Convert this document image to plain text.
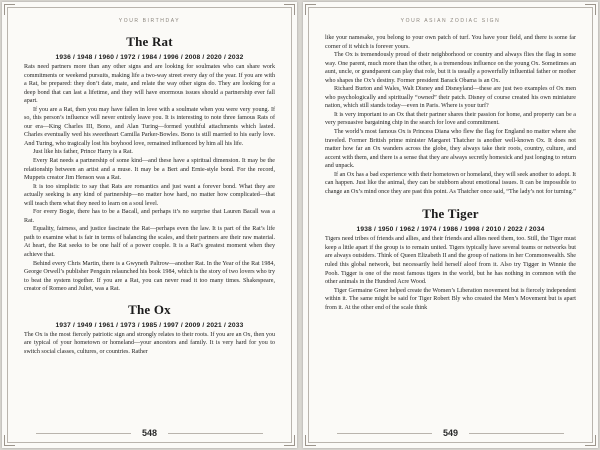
YOUR BIRTHDAY
The Rat
1936 / 1948 / 1960 / 1972 / 1984 / 1996 / 2008 / 2020 / 2032

Rats need partners more than any other signs and are looking for soulmates who can share work commitments or weekend pursuits, making life a two-way street every day of the year. If you are with a Rat, be prepared: they don’t date, mate, and relate the way other signs do. They are looking for a deep bond that can last a lifetime, and they will have enormous issues should a partnership ever fall apart.

If you are a Rat, then you may have fallen in love with a soulmate when you were very young. If so, this person’s influence will never entirely leave you. It is interesting to note three famous Rats of our era—King Charles III, Bono, and Alan Turing—formed youthful attachments which lasted. Charles eventually wed his sweetheart Camilla Parker-Bowles. Bono is still married to his early love. And Turing, who tragically lost his boyhood love, remained influenced by him all his life.

Just like his father, Prince Harry is a Rat.

Every Rat needs a partnership of some kind—and these have a spiritual dimension. It may be the relationship between an artist and a muse. It may be a Bert and Ernie-style bond. For the record, Muppets creator Jim Henson was a Rat.

It is too simplistic to say that Rats are romantics and just want a forever bond. What they are actually seeking is any kind of partnership—no matter how hard, no matter how complicated—that will teach them what they need to learn on a soul level.

For every Bogie, there has to be a Bacall, and perhaps it’s no surprise that Lauren Bacall was a Rat.

Equality, fairness, and justice fascinate the Rat—perhaps even the law. It is part of the Rat’s life path to examine what is fair in terms of balancing the scales, and their partners are their raw material. At heart, the Rat seeks to be one half of a power couple. It is a Rat’s greatest moment when they achieve that.

Behind every Chris Martin, there is a Gwyneth Paltrow—another Rat. In the Year of the Rat 1984, George Orwell’s publisher Penguin relaunched his book 1984, which is the story of two lovers who try to beat the system together. If you are a Rat, you can never read it too many times. Shakespeare, creator of Romeo and Juliet, was a Rat.

The Ox
1937 / 1949 / 1961 / 1973 / 1985 / 1997 / 2009 / 2021 / 2033

The Ox is the most fiercely patriotic sign and strongly relates to their roots. If you are an Ox, then you are typical of your hometown or homeland—your ancestors and family. It is very hard for you to switch social classes, cultures, or countries. Rather

548
YOUR ASIAN ZODIAC SIGN

like your namesake, you belong to your own patch of turf. You have your field, and there is some far corner of it which is forever yours.

The Ox is tremendously proud of their neighborhood or country and always flies the flag in some way. One parent, much more than the other, is a tremendous influence on the young Ox. Sometimes an aunt, uncle, or grandparent can play that role, but it is usually a powerfully influential father or mother who shapes the Ox’s destiny. Former president Barack Obama is an Ox.

Richard Burton and Wales, Walt Disney and Disneyland—these are just two examples of Ox men who psychologically and spiritually “owned” their patch. Disney of course created his own miniature nation, which still stands today—even in Paris. Where is your turf?

It is very important to an Ox that their partner shares their passion for home, and property can be a very persuasive bargaining chip in the search for love and commitment.

The world’s most famous Ox is Princess Diana who flew the flag for England no matter where she traveled. Former British prime minister Margaret Thatcher is another well-known Ox. It does not matter how far an Ox wanders across the globe, they always take their roots, country, culture, and accent with them, and there is a sense that they are always secretly homesick and just longing to return and unpack.

If an Ox has a bad experience with their hometown or homeland, they will seek another to adopt. It can happen. Just like the animal, they can be stubborn about emotional issues. It can be impossible to change an Ox’s mind once they are past this point. As Thatcher once said, “The lady’s not for turning.”

The Tiger
1938 / 1950 / 1962 / 1974 / 1986 / 1998 / 2010 / 2022 / 2034

Tigers need tribes of friends and allies, and their friends and allies need them, too. Still, the Tiger must keep a little apart if the group is to remain united. Tigers typically have several teams or networks but are always outsiders. Think of Queen Elizabeth II and the group of nations in her Commonwealth. She ruled this global network, but necessarily held herself aloof from it. Also try Tigger in Winnie the Pooh. Tigger is one of the most famous tigers in the world, but he has nothing in common with the other animals in the Hundred Acre Wood.

Tiger Germaine Greer helped create the Women’s Liberation movement but is fiercely independent within it. The same might be said for Tiger Robert Bly who created the Men’s Movement but is apart from it. At the other end of the scale think

549
